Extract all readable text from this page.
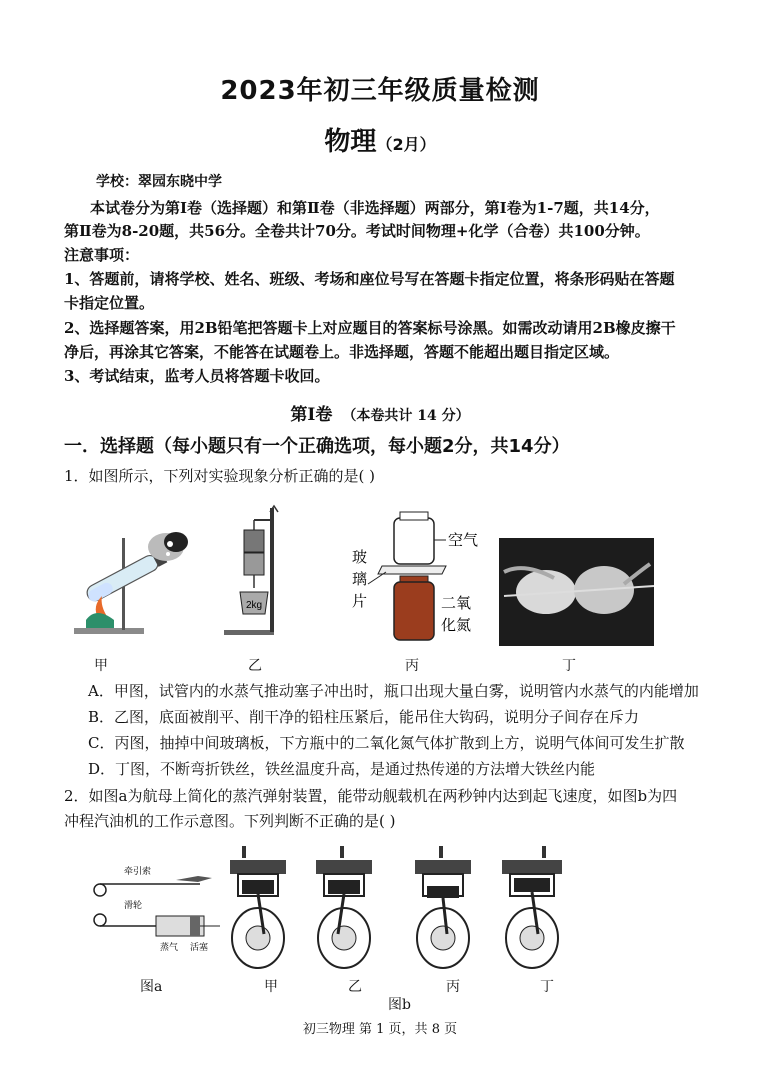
2023年初三年级质量检测
物理（2月）
学校：翠园东晓中学
本试卷分为第Ⅰ卷（选择题）和第Ⅱ卷（非选择题）两部分，第Ⅰ卷为1-7题，共14分，
第Ⅱ卷为8-20题，共56分。全卷共计70分。考试时间物理+化学（合卷）共100分钟。
注意事项：
1、答题前，请将学校、姓名、班级、考场和座位号写在答题卡指定位置，将条形码贴在答题
卡指定位置。
2、选择题答案，用2B铅笔把答题卡上对应题目的答案标号涂黑。如需改动请用2B橡皮擦干
净后，再涂其它答案，不能答在试题卷上。非选择题，答题不能超出题目指定区域。
3、考试结束，监考人员将答题卡收回。
第Ⅰ卷 （本卷共计 14 分）
一．选择题（每小题只有一个正确选项，每小题2分，共14分）
1．如图所示，下列对实验现象分析正确的是( )
2kg
空气
玻
璃
片	二氧
化氮
甲	乙	丙	丁
A．甲图，试管内的水蒸气推动塞子冲出时，瓶口出现大量白雾，说明管内水蒸气的内能增加
B．乙图，底面被削平、削干净的铅柱压紧后，能吊住大钩码，说明分子间存在斥力
C．丙图，抽掉中间玻璃板，下方瓶中的二氧化氮气体扩散到上方，说明气体间可发生扩散
D．丁图，不断弯折铁丝，铁丝温度升高，是通过热传递的方法增大铁丝内能
2．如图a为航母上简化的蒸汽弹射装置，能带动舰载机在两秒钟内达到起飞速度，如图b为四
冲程汽油机的工作示意图。下列判断不正确的是( )
牵引索
滑轮
蒸气 活塞
图a	甲	乙	丙	丁
图b
初三物理 第 1 页，共 8 页
